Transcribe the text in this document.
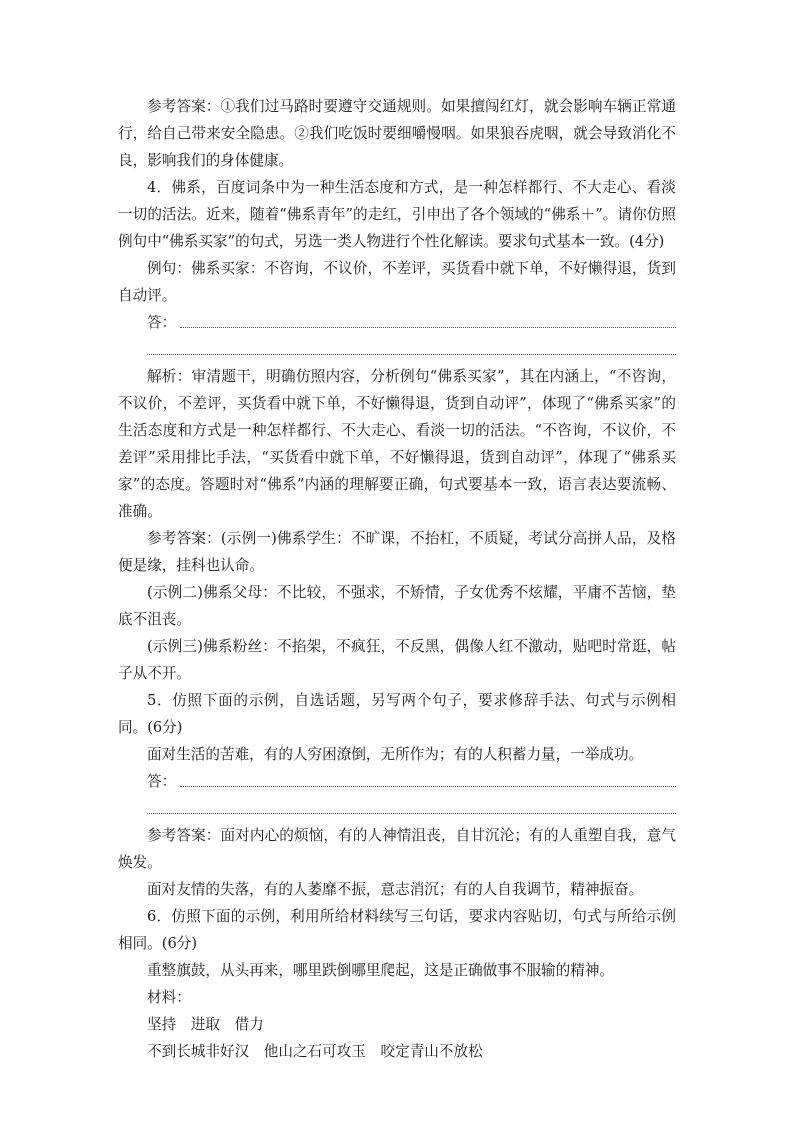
参考答案：①我们过马路时要遵守交通规则。如果擅闯红灯，就会影响车辆正常通行，给自己带来安全隐患。②我们吃饭时要细嚼慢咽。如果狼吞虎咽，就会导致消化不良，影响我们的身体健康。

4．佛系，百度词条中为一种生活态度和方式，是一种怎样都行、不大走心、看淡一切的活法。近来，随着“佛系青年”的走红，引申出了各个领域的“佛系＋”。请你仿照例句中“佛系买家”的句式，另选一类人物进行个性化解读。要求句式基本一致。(4分)

例句：佛系买家：不咨询，不议价，不差评，买货看中就下单，不好懒得退，货到自动评。

答：

解析：审清题干，明确仿照内容，分析例句“佛系买家”，其在内涵上，“不咨询，不议价，不差评，买货看中就下单，不好懒得退，货到自动评”，体现了“佛系买家”的生活态度和方式是一种怎样都行、不大走心、看淡一切的活法。“不咨询，不议价，不差评”采用排比手法，“买货看中就下单，不好懒得退，货到自动评”，体现了“佛系买家”的态度。答题时对“佛系”内涵的理解要正确，句式要基本一致，语言表达要流畅、准确。

参考答案：(示例一)佛系学生：不旷课，不抬杠，不质疑，考试分高拼人品，及格便是缘，挂科也认命。

(示例二)佛系父母：不比较，不强求，不矫情，子女优秀不炫耀，平庸不苦恼，垫底不沮丧。

(示例三)佛系粉丝：不掐架，不疯狂，不反黑，偶像人红不激动，贴吧时常逛，帖子从不开。

5．仿照下面的示例，自选话题，另写两个句子，要求修辞手法、句式与示例相同。(6分)

面对生活的苦难，有的人穷困潦倒，无所作为；有的人积蓄力量，一举成功。

答：

参考答案：面对内心的烦恼，有的人神情沮丧，自甘沉沦；有的人重塑自我，意气焕发。

面对友情的失落，有的人萎靡不振，意志消沉；有的人自我调节，精神振奋。

6．仿照下面的示例，利用所给材料续写三句话，要求内容贴切，句式与所给示例相同。(6分)

重整旗鼓，从头再来，哪里跌倒哪里爬起，这是正确做事不服输的精神。

材料：

坚持　进取　借力

不到长城非好汉　他山之石可攻玉　咬定青山不放松
